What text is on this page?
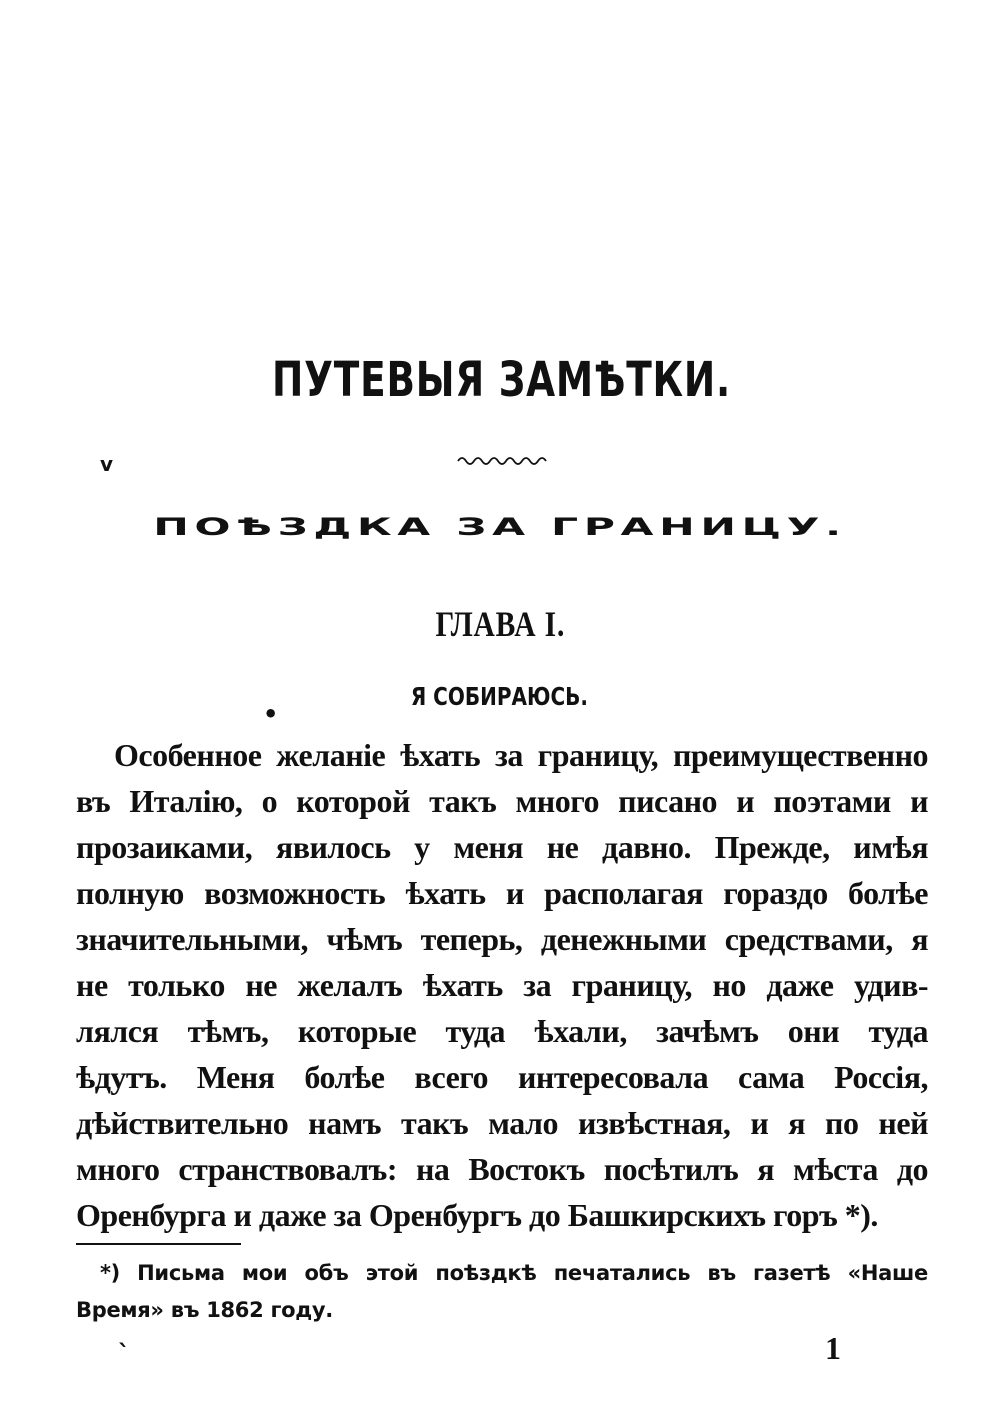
ПУТЕВЫЯ ЗАМѢТКИ.
v
ПОѢЗДКА ЗА ГРАНИЦУ.
ГЛАВА I.
•
Я СОБИРАЮСЬ.
Особенное желаніе ѣхать за границу, преимущественно
въ Италію, о которой такъ много писано и поэтами и
прозаиками, явилось у меня не давно. Прежде, имѣя
полную возможность ѣхать и располагая гораздо болѣе
значительными, чѣмъ теперь, денежными средствами, я
не только не желалъ ѣхать за границу, но даже удив-
лялся тѣмъ, которые туда ѣхали, зачѣмъ они туда
ѣдутъ. Меня болѣе всего интересовала сама Россія,
дѣйствительно намъ такъ мало извѣстная, и я по ней
много странствовалъ: на Востокъ посѣтилъ я мѣста до
Оренбурга и даже за Оренбургъ до Башкирскихъ горъ *).
*) Письма мои объ этой поѣздкѣ печатались въ газетѣ «Наше
Время» въ 1862 году.
ˋ	1
